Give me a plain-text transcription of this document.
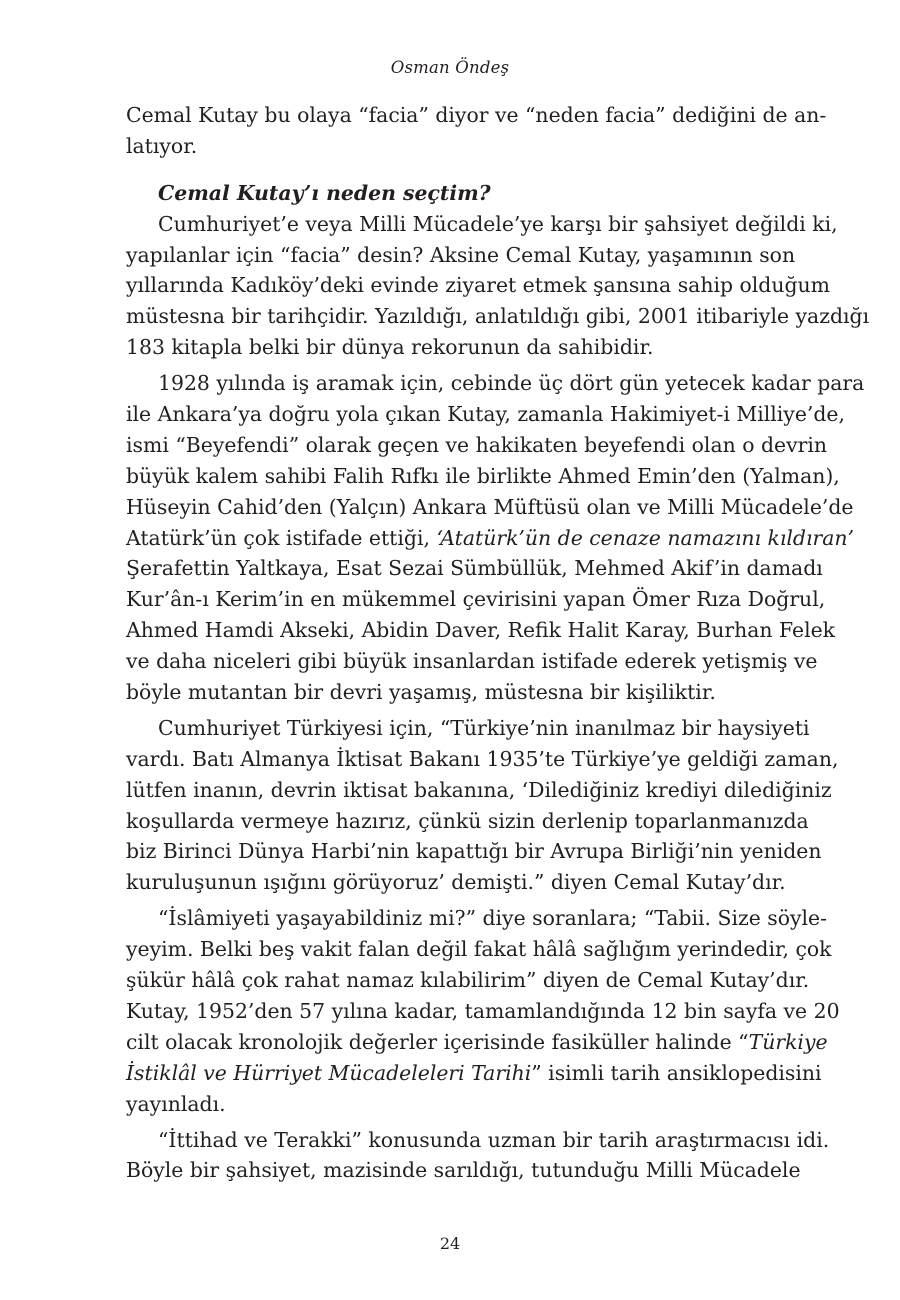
Osman Öndeş
Cemal Kutay bu olaya “facia” diyor ve “neden facia” dediğini de an-
latıyor.
Cemal Kutay’ı neden seçtim?
Cumhuriyet’e veya Milli Mücadele’ye karşı bir şahsiyet değildi ki,
yapılanlar için “facia” desin? Aksine Cemal Kutay, yaşamının son
yıllarında Kadıköy’deki evinde ziyaret etmek şansına sahip olduğum
müstesna bir tarihçidir. Yazıldığı, anlatıldığı gibi, 2001 itibariyle yazdığı
183 kitapla belki bir dünya rekorunun da sahibidir.
1928 yılında iş aramak için, cebinde üç dört gün yetecek kadar para
ile Ankara’ya doğru yola çıkan Kutay, zamanla Hakimiyet-i Milliye’de,
ismi “Beyefendi” olarak geçen ve hakikaten beyefendi olan o devrin
büyük kalem sahibi Falih Rıfkı ile birlikte Ahmed Emin’den (Yalman),
Hüseyin Cahid’den (Yalçın) Ankara Müftüsü olan ve Milli Mücadele’de
Atatürk’ün çok istifade ettiği, ‘Atatürk’ün de cenaze namazını kıldıran’
Şerafettin Yaltkaya, Esat Sezai Sümbüllük, Mehmed Akif’in damadı
Kur’ân-ı Kerim’in en mükemmel çevirisini yapan Ömer Rıza Doğrul,
Ahmed Hamdi Akseki, Abidin Daver, Refik Halit Karay, Burhan Felek
ve daha niceleri gibi büyük insanlardan istifade ederek yetişmiş ve
böyle mutantan bir devri yaşamış, müstesna bir kişiliktir.
Cumhuriyet Türkiyesi için, “Türkiye’nin inanılmaz bir haysiyeti
vardı. Batı Almanya İktisat Bakanı 1935’te Türkiye’ye geldiği zaman,
lütfen inanın, devrin iktisat bakanına, ‘Dilediğiniz krediyi dilediğiniz
koşullarda vermeye hazırız, çünkü sizin derlenip toparlanmanızda
biz Birinci Dünya Harbi’nin kapattığı bir Avrupa Birliği’nin yeniden
kuruluşunun ışığını görüyoruz’ demişti.” diyen Cemal Kutay’dır.
“İslâmiyeti yaşayabildiniz mi?” diye soranlara; “Tabii. Size söyle-
yeyim. Belki beş vakit falan değil fakat hâlâ sağlığım yerindedir, çok
şükür hâlâ çok rahat namaz kılabilirim” diyen de Cemal Kutay’dır.
Kutay, 1952’den 57 yılına kadar, tamamlandığında 12 bin sayfa ve 20
cilt olacak kronolojik değerler içerisinde fasiküller halinde “Türkiye
İstiklâl ve Hürriyet Mücadeleleri Tarihi” isimli tarih ansiklopedisini
yayınladı.
“İttihad ve Terakki” konusunda uzman bir tarih araştırmacısı idi.
Böyle bir şahsiyet, mazisinde sarıldığı, tutunduğu Milli Mücadele
24
